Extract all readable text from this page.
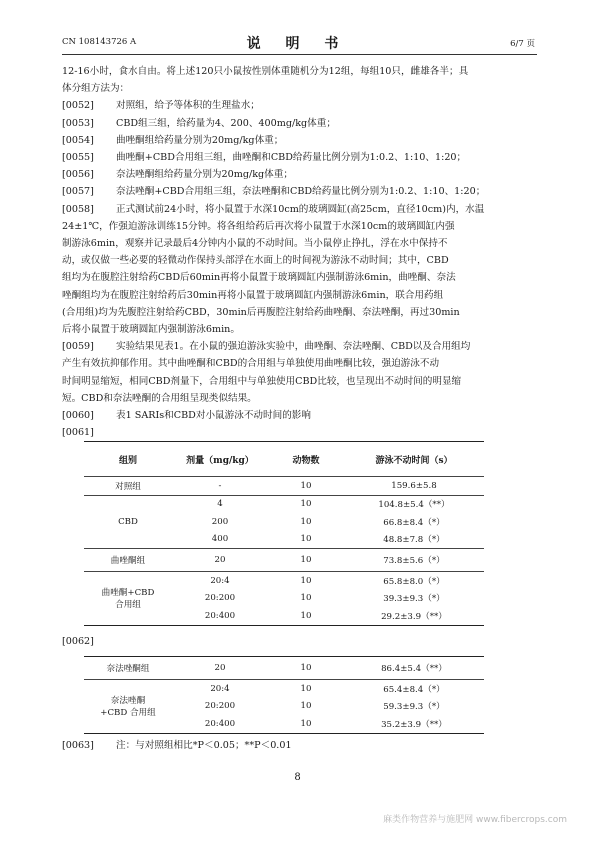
CN 108143726 A	说 明 书	6/7 页
12-16小时，食水自由。将上述120只小鼠按性别体重随机分为12组，每组10只，雌雄各半；具
体分组方法为：
[0052] 对照组，给予等体积的生理盐水；
[0053] CBD组三组，给药量为4、200、400mg/kg体重；
[0054] 曲唑酮组给药量分别为20mg/kg体重；
[0055] 曲唑酮+CBD合用组三组，曲唑酮和CBD给药量比例分别为1:0.2、1:10、1:20；
[0056] 奈法唑酮组给药量分别为20mg/kg体重；
[0057] 奈法唑酮+CBD合用组三组，奈法唑酮和CBD给药量比例分别为1:0.2、1:10、1:20；
[0058] 正式测试前24小时，将小鼠置于水深10cm的玻璃圆缸(高25cm，直径10cm)内，水温
24±1℃，作强迫游泳训练15分钟。将各组给药后再次将小鼠置于水深10cm的玻璃圆缸内强
制游泳6min，观察并记录最后4分钟内小鼠的不动时间。当小鼠停止挣扎，浮在水中保持不
动，或仅做一些必要的轻微动作保持头部浮在水面上的时间视为游泳不动时间；其中，CBD
组均为在腹腔注射给药CBD后60min再将小鼠置于玻璃圆缸内强制游泳6min，曲唑酮、奈法
唑酮组均为在腹腔注射给药后30min再将小鼠置于玻璃圆缸内强制游泳6min，联合用药组
(合用组)均为先腹腔注射给药CBD，30min后再腹腔注射给药曲唑酮、奈法唑酮，再过30min
后将小鼠置于玻璃圆缸内强制游泳6min。
[0059] 实验结果见表1。在小鼠的强迫游泳实验中，曲唑酮、奈法唑酮、CBD以及合用组均
产生有效抗抑郁作用。其中曲唑酮和CBD的合用组与单独使用曲唑酮比较，强迫游泳不动
时间明显缩短，相同CBD剂量下，合用组中与单独使用CBD比较，也呈现出不动时间的明显缩
短。CBD和奈法唑酮的合用组呈现类似结果。
[0060] 表1 SARIs和CBD对小鼠游泳不动时间的影响
[0061]
组别	剂量（mg/kg）	动物数	游泳不动时间（s）
对照组	-	10	159.6±5.8
CBD	4	10	104.8±5.4（**）
	200	10	66.8±8.4（*）
	400	10	48.8±7.8（*）
曲唑酮组	20	10	73.8±5.6（*）
曲唑酮+CBD
合用组	20:4	10	65.8±8.0（*）
	20:200	10	39.3±9.3（*）
	20:400	10	29.2±3.9（**）
[0062]
奈法唑酮组	20	10	86.4±5.4（**）
奈法唑酮
+CBD 合用组	20:4	10	65.4±8.4（*）
	20:200	10	59.3±9.3（*）
	20:400	10	35.2±3.9（**）
[0063] 注：与对照组相比*P＜0.05；**P＜0.01
8
麻类作物营养与施肥网 www.fibercrops.com
